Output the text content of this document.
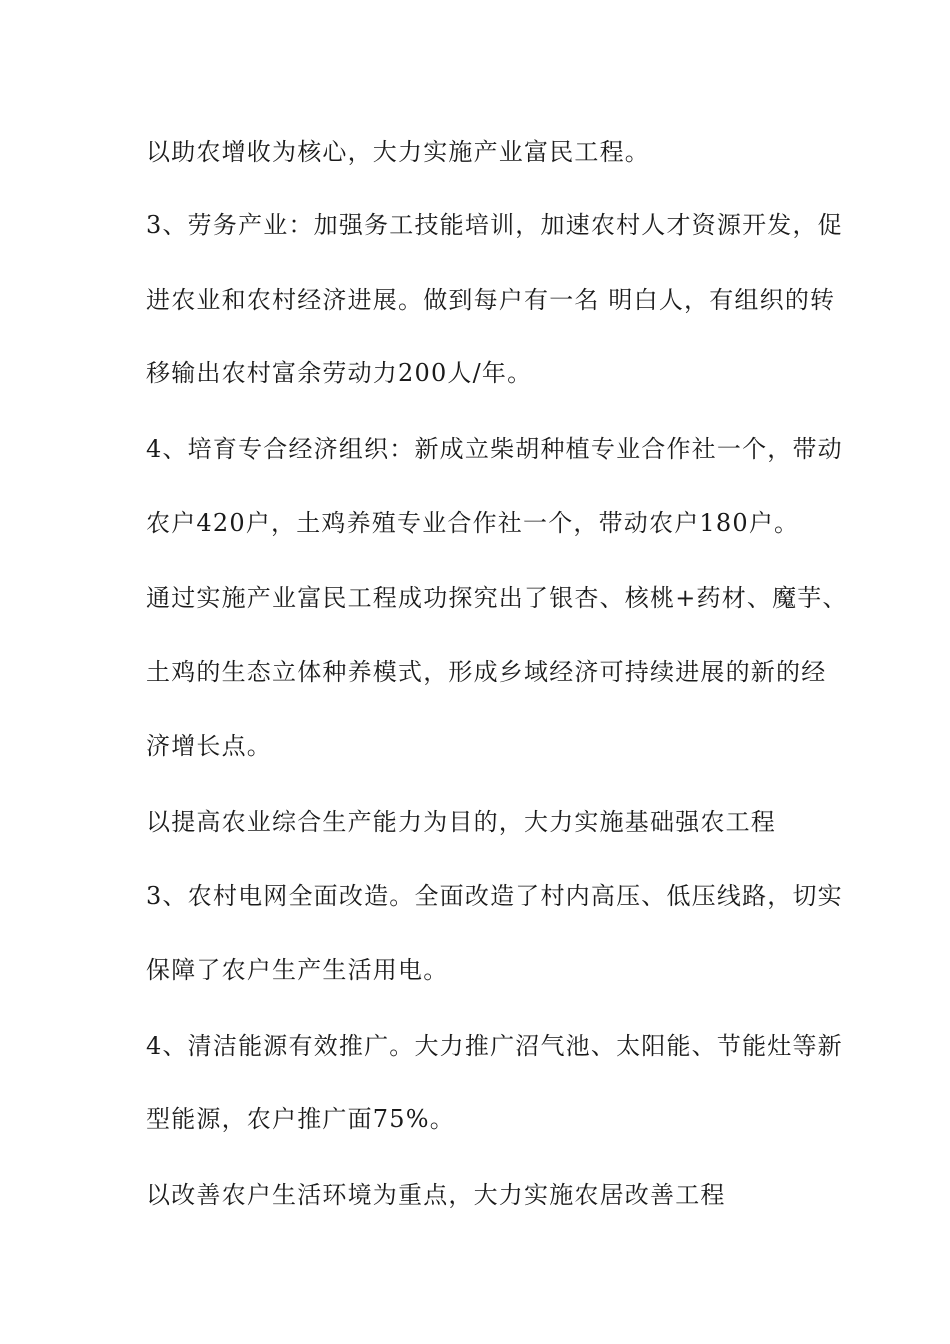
以助农增收为核心，大力实施产业富民工程。
3、劳务产业：加强务工技能培训，加速农村人才资源开发，促
进农业和农村经济进展。做到每户有一名 明白人，有组织的转
移输出农村富余劳动力200人/年。
4、培育专合经济组织：新成立柴胡种植专业合作社一个，带动
农户420户，土鸡养殖专业合作社一个，带动农户180户。
通过实施产业富民工程成功探究出了银杏、核桃+药材、魔芋、
土鸡的生态立体种养模式，形成乡域经济可持续进展的新的经
济增长点。
以提高农业综合生产能力为目的，大力实施基础强农工程
3、农村电网全面改造。全面改造了村内高压、低压线路，切实
保障了农户生产生活用电。
4、清洁能源有效推广。大力推广沼气池、太阳能、节能灶等新
型能源，农户推广面75%。
以改善农户生活环境为重点，大力实施农居改善工程
